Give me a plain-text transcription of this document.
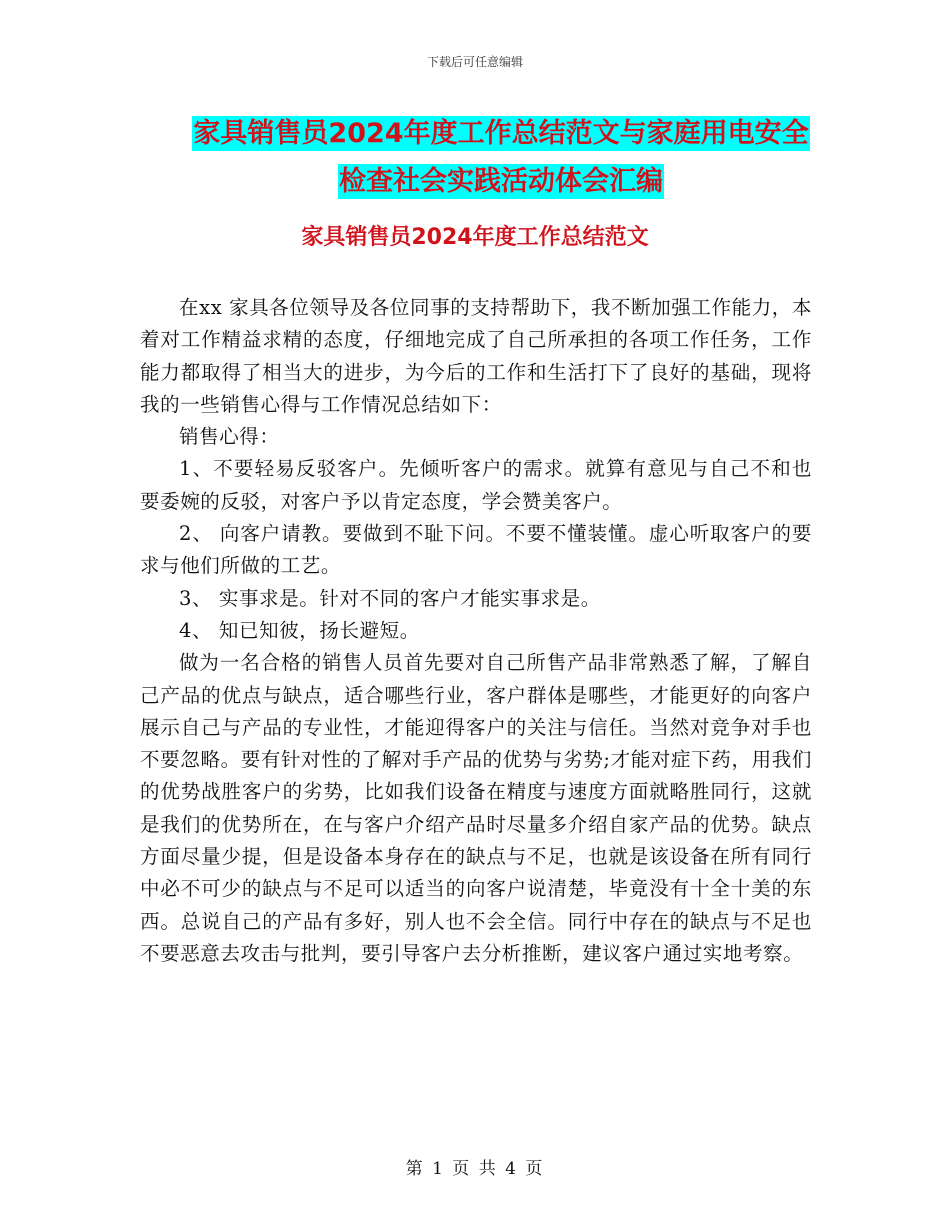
下载后可任意编辑
家具销售员2024年度工作总结范文与家庭用电安全检查社会实践活动体会汇编
家具销售员2024年度工作总结范文

在xx 家具各位领导及各位同事的支持帮助下，我不断加强工作能力，本着对工作精益求精的态度，仔细地完成了自己所承担的各项工作任务，工作能力都取得了相当大的进步，为今后的工作和生活打下了良好的基础，现将我的一些销售心得与工作情况总结如下：

销售心得：

1、不要轻易反驳客户。先倾听客户的需求。就算有意见与自己不和也要委婉的反驳，对客户予以肯定态度，学会赞美客户。

2、 向客户请教。要做到不耻下问。不要不懂装懂。虚心听取客户的要求与他们所做的工艺。

3、 实事求是。针对不同的客户才能实事求是。

4、 知已知彼，扬长避短。

做为一名合格的销售人员首先要对自己所售产品非常熟悉了解，了解自己产品的优点与缺点，适合哪些行业，客户群体是哪些，才能更好的向客户展示自己与产品的专业性，才能迎得客户的关注与信任。当然对竞争对手也不要忽略。要有针对性的了解对手产品的优势与劣势;才能对症下药，用我们的优势战胜客户的劣势，比如我们设备在精度与速度方面就略胜同行，这就是我们的优势所在，在与客户介绍产品时尽量多介绍自家产品的优势。缺点方面尽量少提，但是设备本身存在的缺点与不足，也就是该设备在所有同行中必不可少的缺点与不足可以适当的向客户说清楚，毕竟没有十全十美的东西。总说自己的产品有多好，别人也不会全信。同行中存在的缺点与不足也不要恶意去攻击与批判，要引导客户去分析推断，建议客户通过实地考察。

第 1 页 共 4 页
